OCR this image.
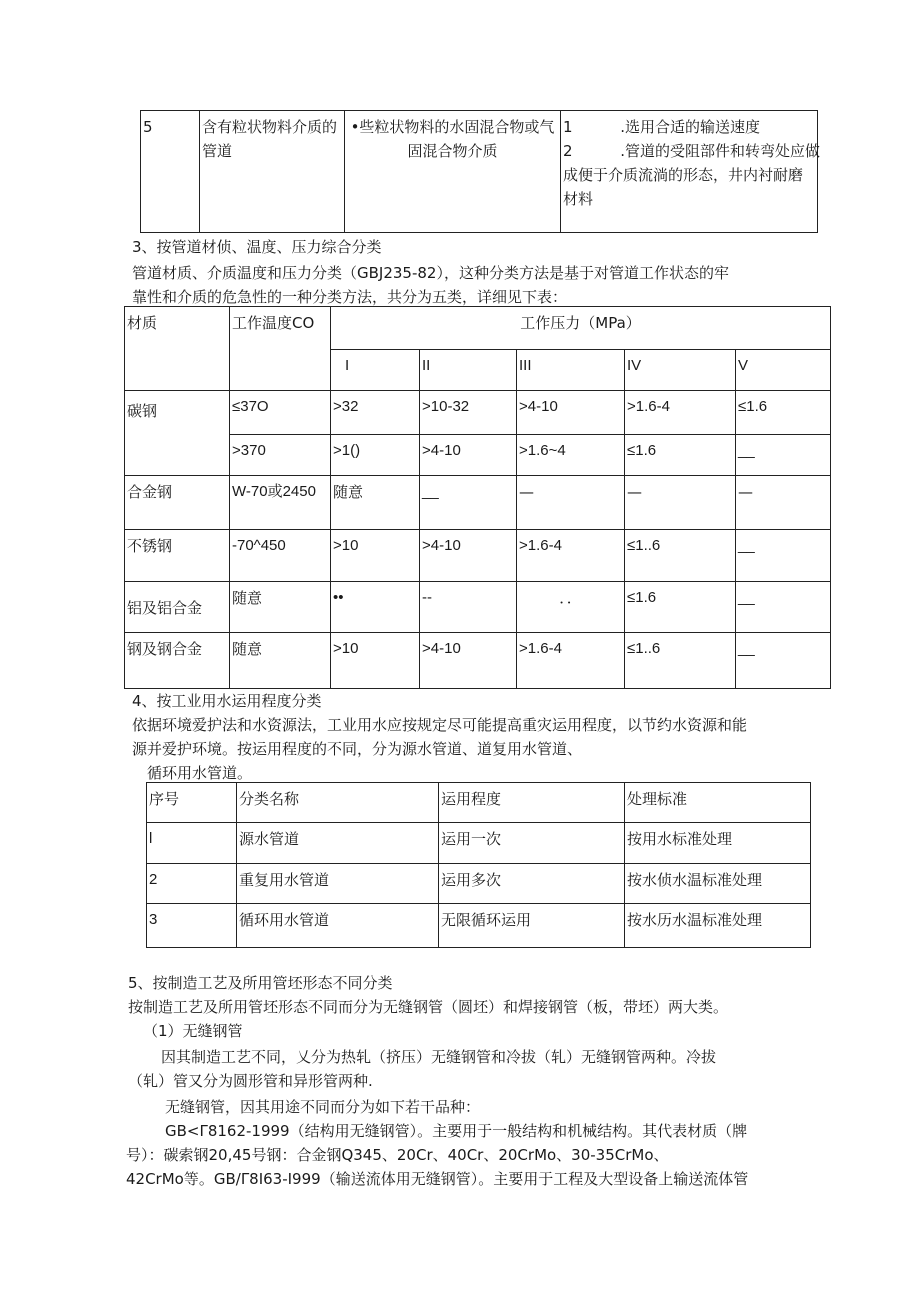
5	含有粒状物料介质的管道	•些粒状物料的水固混合物或气固混合物介质	
1          .选用合适的输送速度
2          .管道的受阻部件和转弯处应做
成便于介质流淌的形态，井内衬耐磨材料
3、按管道材侦、温度、压力综合分类
管道材质、介质温度和压力分类（GBJ235-82），这种分类方法是基于对管道工作状态的牢
靠性和介质的危急性的一种分类方法，共分为五类，详细见下表：
材质	工作温度CO	工作压力（MPa）				
		I	II	III	IV	V
碳钢	≤37O	>32	>10-32	>4-10	>1.6-4	≤1.6
	>370	>1()	>4-10	>1.6~4	≤1.6	__
合金钢	W-70或2450	随意	__	—	—	—
不锈钢	-70^450	>10	>4-10	>1.6-4	≤1..6	__
铝及铝合金	随意	••	--	．．	≤1.6	__
钢及钢合金	随意	>10	>4-10	>1.6-4	≤1..6	__
4、按工业用水运用程度分类
依据环境爱护法和水资源法，工业用水应按规定尽可能提高重灾运用程度，以节约水资源和能
源并爱护环境。按运用程度的不同，分为源水管道、道复用水管道、
循环用水管道。
序号	分类名称	运用程度	处理标准
l	源水管道	运用一次	按用水标准处理
2	重复用水管道	运用多次	按水侦水温标准处理
3	循环用水管道	无限循环运用	按水历水温标准处理
5、按制造工艺及所用管坯形态不同分类
按制造工艺及所用管坯形态不同而分为无缝钢管（圆坯）和焊接钢管（板，带坯）两大类。
（1）无缝钢管
因其制造工艺不同，乂分为热轧（挤压）无缝钢管和冷拔（轧）无缝钢管两种。冷拔
（轧）管又分为圆形管和异形管两种.
无缝钢管，因其用途不同而分为如下若干品种：
GB<Γ8162-1999（结构用无缝钢管）。主要用于一般结构和机械结构。其代表材质（牌
号）：碳索钢20,45号钢：合金钢Q345、20Cr、40Cr、20CrMo、30-35CrMo、
42CrMo等。GB/Γ8I63-I999（输送流体用无缝钢管）。主要用于工程及大型设备上输送流体管
